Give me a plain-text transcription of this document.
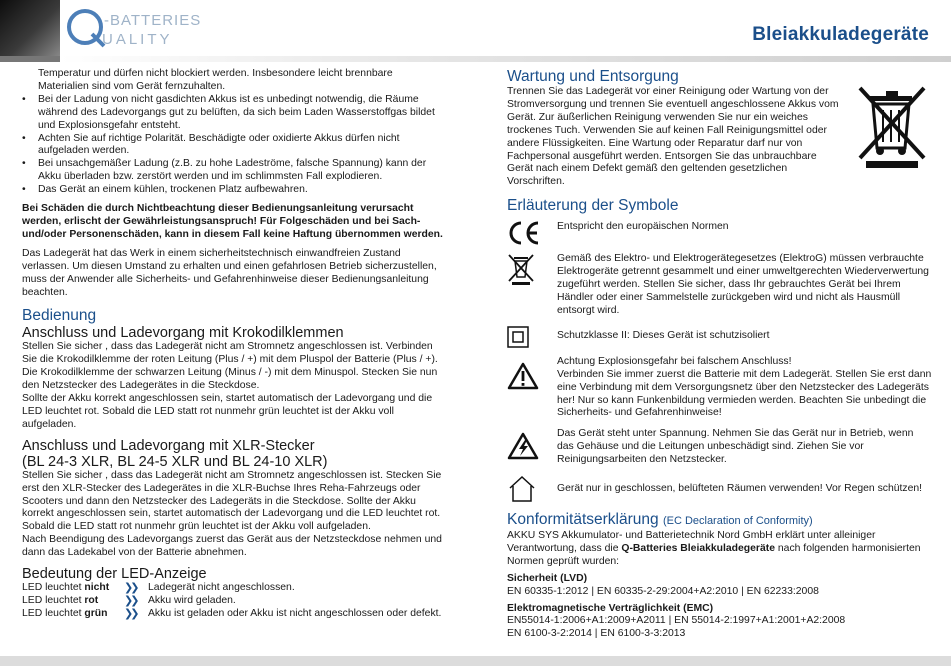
-BATTERIES
UALITY	Bleiakkuladegeräte

Temperatur und dürfen nicht blockiert werden. Insbesondere leicht brennbare Materialien sind vom Gerät fernzuhalten.

• Bei der Ladung von nicht gasdichten Akkus ist es unbedingt notwendig, die Räume während des Ladevorgangs gut zu belüften, da sich beim Laden Wasserstoffgas bildet und Explosionsgefahr entsteht.

• Achten Sie auf richtige Polarität. Beschädigte oder oxidierte Akkus dürfen nicht aufgeladen werden.

• Bei unsachgemäßer Ladung (z.B. zu hohe Ladeströme, falsche Spannung) kann der Akku überladen bzw. zerstört werden und im schlimmsten Fall explodieren.

• Das Gerät an einem kühlen, trockenen Platz aufbewahren.

Bei Schäden die durch Nichtbeachtung dieser Bedienungsanleitung verursacht werden, erlischt der Gewährleistungsanspruch! Für Folgeschäden und bei Sach- und/oder Personenschäden, kann in diesem Fall keine Haftung übernommen werden.

Das Ladegerät hat das Werk in einem sicherheitstechnisch einwandfreien Zustand verlassen. Um diesen Umstand zu erhalten und einen gefahrlosen Betrieb sicherzustellen, muss der Anwender alle Sicherheits- und Gefahrenhinweise dieser Bedienungsanleitung beachten.

Bedienung
Anschluss und Ladevorgang mit Krokodilklemmen

Stellen Sie sicher , dass das Ladegerät nicht am Stromnetz angeschlossen ist. Verbinden Sie die Krokodilklemme der roten Leitung (Plus / +) mit dem Pluspol der Batterie (Plus / +). Die Krokodilklemme der schwarzen Leitung (Minus / -) mit dem Minuspol. Stecken Sie nun den Netzstecker des Ladegerätes in die Steckdose.

Sollte der Akku korrekt angeschlossen sein, startet automatisch der Ladevorgang und die LED leuchtet rot. Sobald die LED statt rot nunmehr grün leuchtet ist der Akku voll aufgeladen.

Anschluss und Ladevorgang mit XLR-Stecker
(BL 24-3 XLR, BL 24-5 XLR und BL 24-10 XLR)

Stellen Sie sicher , dass das Ladegerät nicht am Stromnetz angeschlossen ist. Stecken Sie erst den XLR-Stecker des Ladegerätes in die XLR-Buchse Ihres Reha-Fahrzeugs oder Scooters und dann den Netzstecker des Ladegeräts in die Steckdose. Sollte der Akku korrekt angeschlossen sein, startet automatisch der Ladevorgang und die LED leuchtet rot. Sobald die LED statt rot nunmehr grün leuchtet ist der Akku voll aufgeladen.

Nach Beendigung des Ladevorgangs zuerst das Gerät aus der Netzsteckdose nehmen und dann das Ladekabel von der Batterie abnehmen.

Bedeutung der LED-Anzeige
LED leuchtet nicht	❯❯	Ladegerät nicht angeschlossen.
LED leuchtet rot	❯❯	Akku wird geladen.
LED leuchtet grün	❯❯	Akku ist geladen oder Akku ist nicht angeschlossen oder defekt.
Wartung und Entsorgung

Trennen Sie das Ladegerät vor einer Reinigung oder Wartung von der Stromversorgung und trennen Sie eventuell angeschlossene Akkus vom Gerät. Zur äußerlichen Reinigung verwenden Sie nur ein weiches trockenes Tuch. Verwenden Sie auf keinen Fall Reinigungsmittel oder andere Flüssigkeiten. Eine Wartung oder Reparatur darf nur von Fachpersonal ausgeführt werden. Entsorgen Sie das unbrauchbare Gerät nach einem Defekt gemäß den geltenden gesetzlichen Vorschriften.

Erläuterung der Symbole
Entspricht den europäischen Normen
Gemäß des Elektro- und Elektrogerätegesetzes (ElektroG) müssen verbrauchte Elektrogeräte getrennt gesammelt und einer umweltgerechten Wiederverwertung zugeführt werden. Stellen Sie sicher, dass Ihr gebrauchtes Gerät bei Ihrem Händler oder einer Sammelstelle zurückgeben wird und nicht als Hausmüll entsorgt wird.
Schutzklasse II: Dieses Gerät ist schutzisoliert
Achtung Explosionsgefahr bei falschem Anschluss!
Verbinden Sie immer zuerst die Batterie mit dem Ladegerät. Stellen Sie erst dann eine Verbindung mit dem Versorgungsnetz über den Netzstecker des Ladegeräts her! Nur so kann Funkenbildung vermieden werden. Beachten Sie unbedingt die Sicherheits- und Gefahrenhinweise!
Das Gerät steht unter Spannung. Nehmen Sie das Gerät nur in Betrieb, wenn das Gehäuse und die Leitungen unbeschädigt sind. Ziehen Sie vor Reinigungsarbeiten den Netzstecker.
Gerät nur in geschlossen, belüfteten Räumen verwenden! Vor Regen schützen!
Konformitätserklärung (EC Declaration of Conformity)

AKKU SYS Akkumulator- und Batterietechnik Nord GmbH erklärt unter alleiniger Verantwortung, dass die Q-Batteries Bleiakkuladegeräte nach folgenden harmonisierten Normen geprüft wurden:

Sicherheit (LVD)
EN 60335-1:2012 | EN 60335-2-29:2004+A2:2010 | EN 62233:2008
Elektromagnetische Verträglichkeit (EMC)
EN55014-1:2006+A1:2009+A2011 | EN 55014-2:1997+A1:2001+A2:2008
EN 6100-3-2:2014 | EN 6100-3-3:2013
